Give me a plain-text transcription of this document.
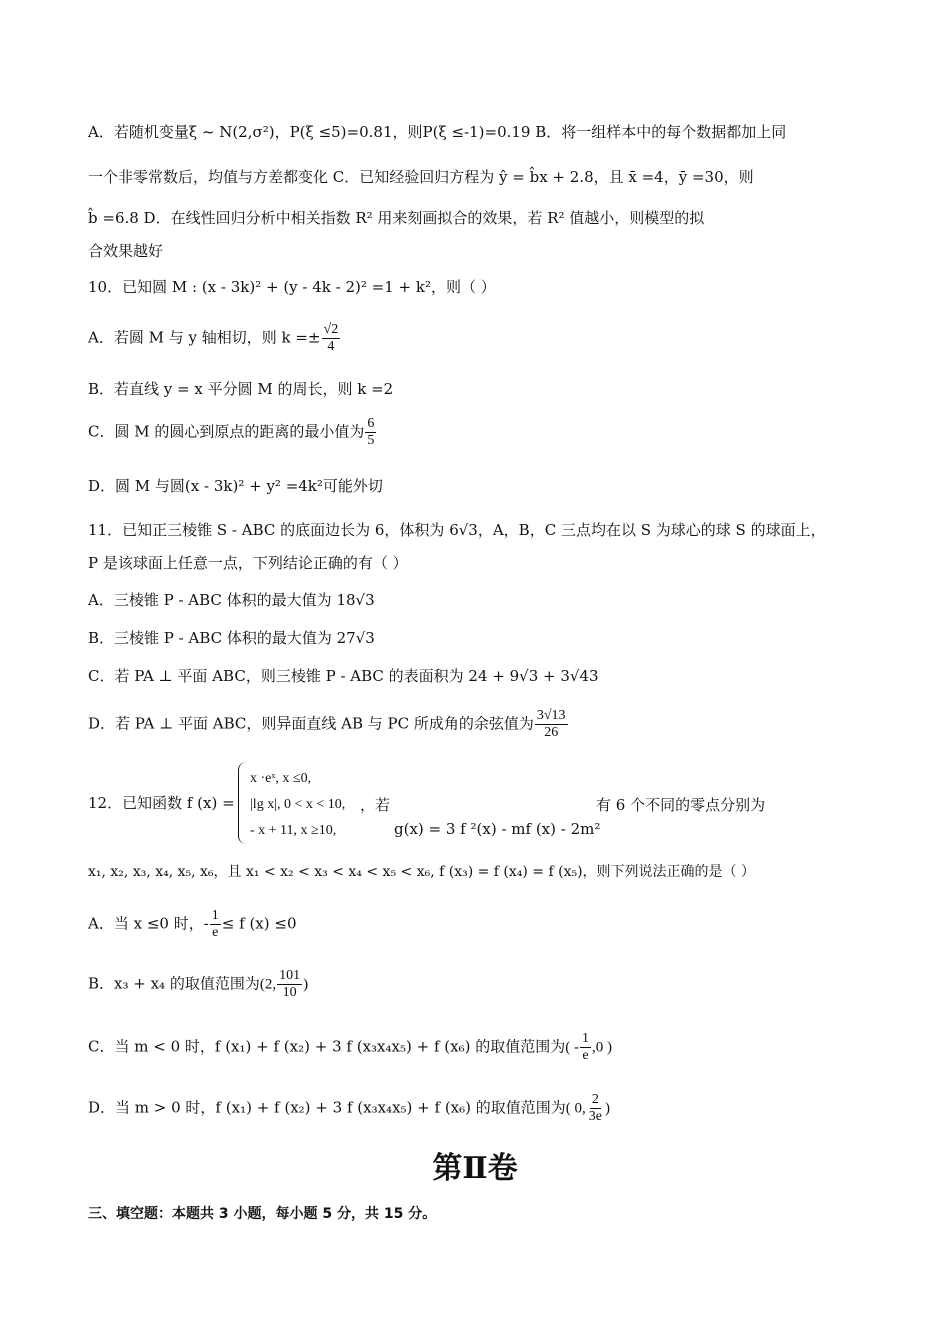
A．若随机变量ξ ~ N(2,σ²)，P(ξ ≤5)=0.81，则P(ξ ≤-1)=0.19 B．将一组样本中的每个数据都加上同
一个非零常数后，均值与方差都变化 C．已知经验回归方程为 ŷ = b̂x + 2.8，且 x̄ =4，ȳ =30，则
b̂ =6.8 D．在线性回归分析中相关指数 R² 用来刻画拟合的效果，若 R² 值越小，则模型的拟
合效果越好
10．已知圆 M : (x - 3k)² + (y - 4k - 2)² =1 + k²，则（ ）
A．若圆 M 与 y 轴相切，则 $k =\pm \frac{√2}{4}$
B．若直线 y = x 平分圆 M 的周长，则 k =2
C．圆 M 的圆心到原点的距离的最小值为 $\frac{6}{5}$
D．圆 M 与圆(x - 3k)² + y² =4k²可能外切
11．已知正三棱锥 S - ABC 的底面边长为 6，体积为 6√3，A，B，C 三点均在以 S 为球心的球 S 的球面上，
P 是该球面上任意一点，下列结论正确的有（ ）
A．三棱锥 P - ABC 体积的最大值为 18√3
B．三棱锥 P - ABC 体积的最大值为 27√3
C．若 PA ⊥ 平面 ABC，则三棱锥 P - ABC 的表面积为 24 + 9√3 + 3√43
D．若 PA ⊥ 平面 ABC，则异面直线 AB 与 PC 所成角的余弦值为 $\frac{3√13}{26}$
12．已知函数 f (x) =
x ·eˣ, x ≤0,
|lg x|, 0 < x < 10,
- x + 11, x ≥10,
，若
g(x) = 3 f ²(x) - mf (x) - 2m²
有 6 个不同的零点分别为
x₁, x₂, x₃, x₄, x₅, x₆，且 x₁ < x₂ < x₃ < x₄ < x₅ < x₆, f (x₃) = f (x₄) = f (x₅)，则下列说法正确的是（ ）
A．当 x ≤0 时，- $\frac{1}{e} \le f$ (x) ≤0
B．x₃ + x₄ 的取值范围为(2, $\frac{101}{10}$ )
C．当 m < 0 时，f (x₁) + f (x₂) + 3 f (x₃x₄x₅) + f (x₆) 的取值范围为( - $\frac{1}{e} ,0$ )
D．当 m > 0 时，f (x₁) + f (x₂) + 3 f (x₃x₄x₅) + f (x₆) 的取值范围为( 0, $\frac{2}{3e}$ )
第Ⅱ卷
三、填空题：本题共 3 小题，每小题 5 分，共 15 分。
